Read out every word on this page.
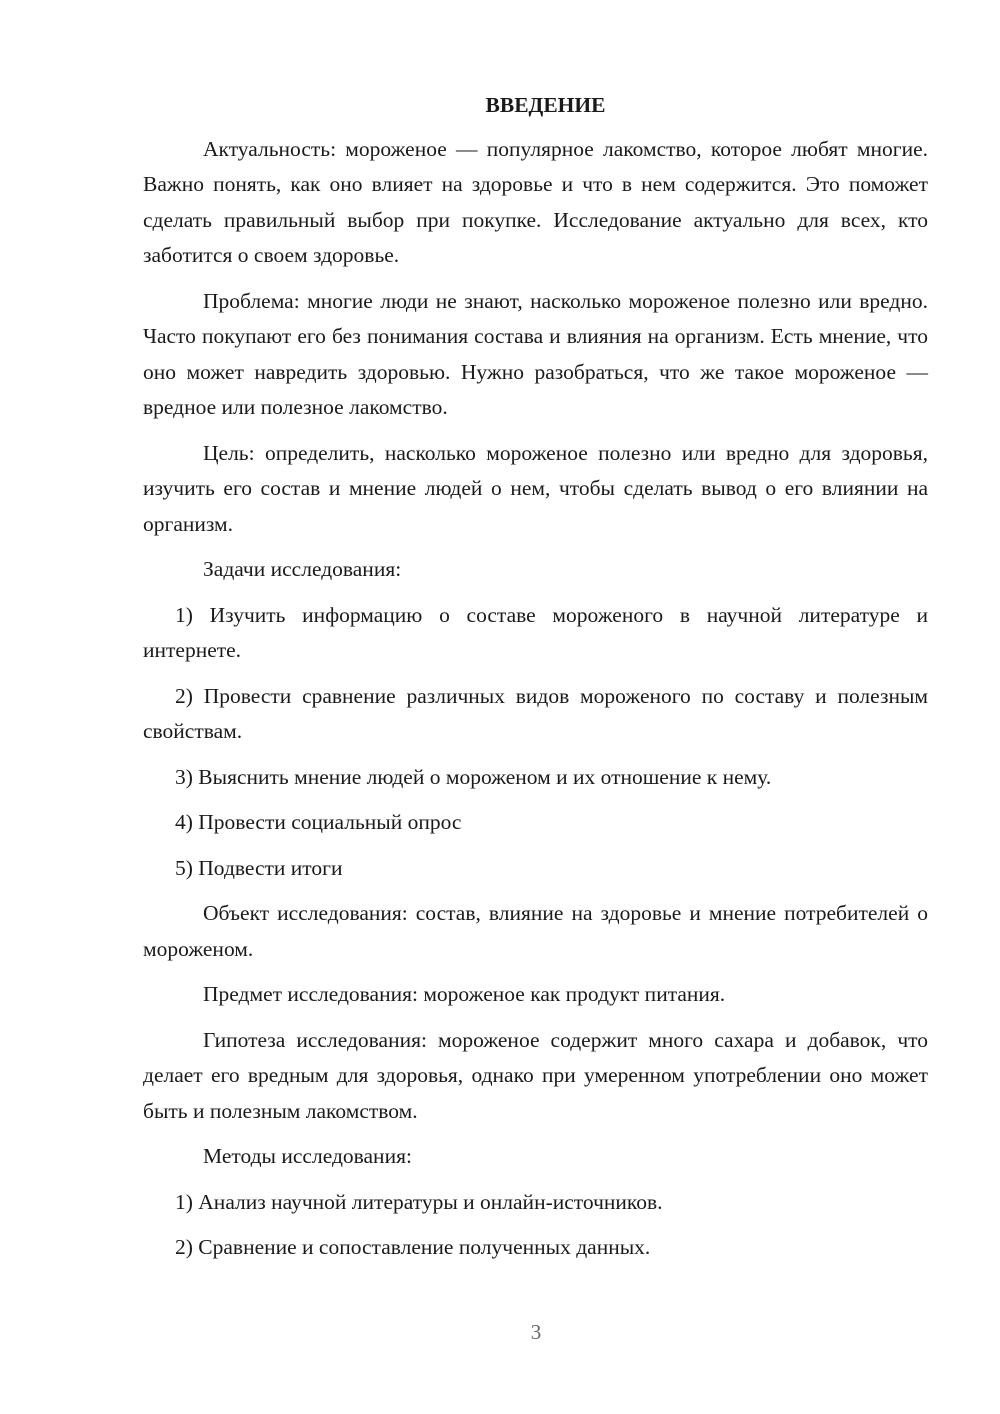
ВВЕДЕНИЕ

Актуальность: мороженое — популярное лакомство, которое любят многие. Важно понять, как оно влияет на здоровье и что в нем содержится. Это поможет сделать правильный выбор при покупке. Исследование актуально для всех, кто заботится о своем здоровье.

Проблема: многие люди не знают, насколько мороженое полезно или вредно. Часто покупают его без понимания состава и влияния на организм. Есть мнение, что оно может навредить здоровью. Нужно разобраться, что же такое мороженое — вредное или полезное лакомство.

Цель: определить, насколько мороженое полезно или вредно для здоровья, изучить его состав и мнение людей о нем, чтобы сделать вывод о его влиянии на организм.

Задачи исследования:

1) Изучить информацию о составе мороженого в научной литературе и интернете.

2) Провести сравнение различных видов мороженого по составу и полезным свойствам.

3) Выяснить мнение людей о мороженом и их отношение к нему.

4) Провести социальный опрос

5) Подвести итоги

Объект исследования: состав, влияние на здоровье и мнение потребителей о мороженом.

Предмет исследования: мороженое как продукт питания.

Гипотеза исследования: мороженое содержит много сахара и добавок, что делает его вредным для здоровья, однако при умеренном употреблении оно может быть и полезным лакомством.

Методы исследования:

1) Анализ научной литературы и онлайн-источников.

2) Сравнение и сопоставление полученных данных.

3
